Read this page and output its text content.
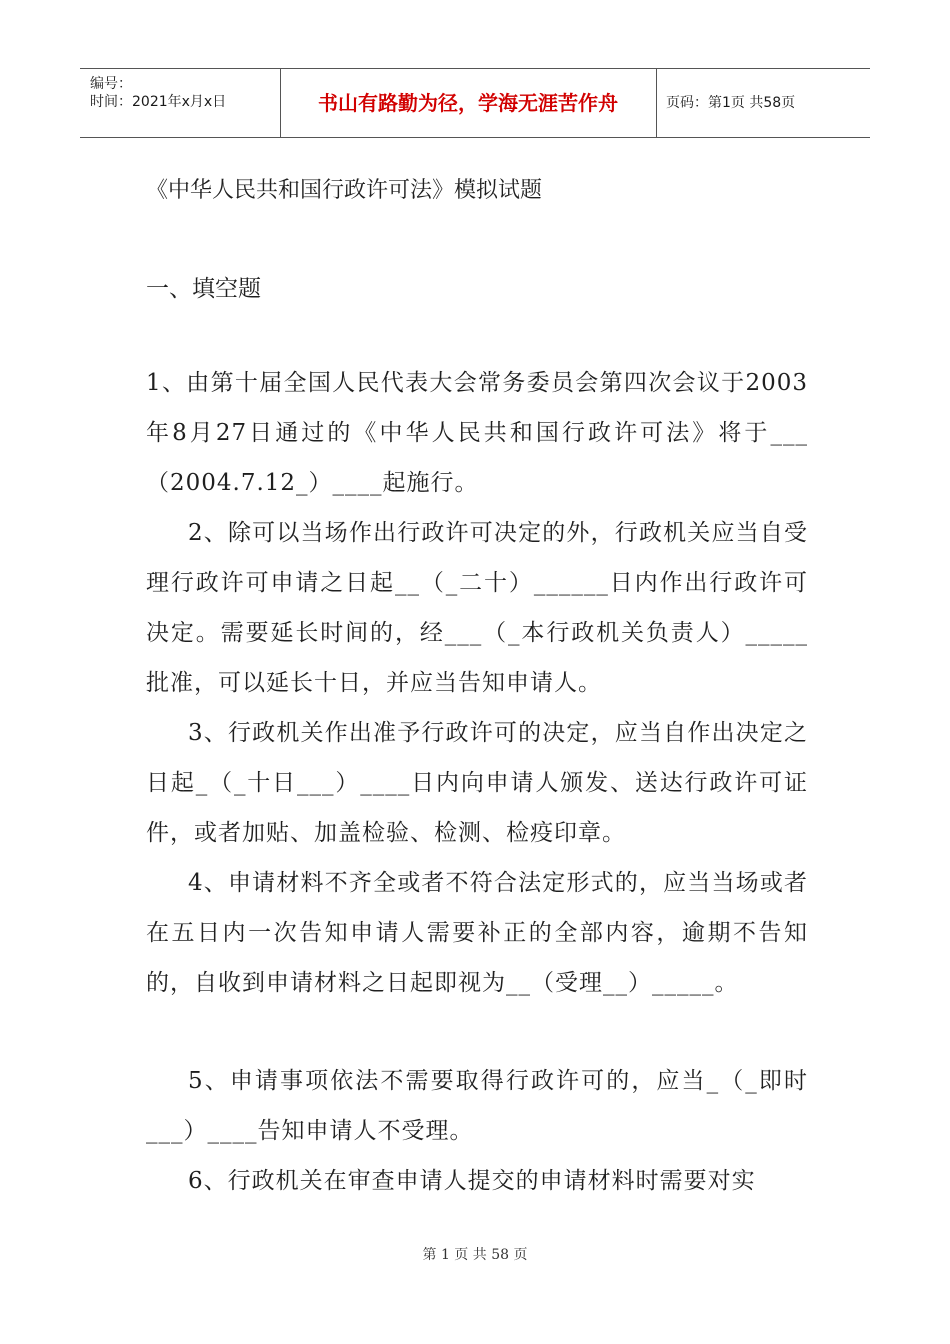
编号：
时间：2021年x月x日	书山有路勤为径，学海无涯苦作舟	页码：第1页 共58页
《中华人民共和国行政许可法》模拟试题
一、填空题

1、由第十届全国人民代表大会常务委员会第四次会议于2003年8月27日通过的《中华人民共和国行政许可法》将于___（2004.7.12_）____起施行。

2、除可以当场作出行政许可决定的外，行政机关应当自受理行政许可申请之日起__（_二十）______日内作出行政许可决定。需要延长时间的，经___（_本行政机关负责人）_____批准，可以延长十日，并应当告知申请人。

3、行政机关作出准予行政许可的决定，应当自作出决定之日起_（_十日___）____日内向申请人颁发、送达行政许可证件，或者加贴、加盖检验、检测、检疫印章。

4、申请材料不齐全或者不符合法定形式的，应当当场或者在五日内一次告知申请人需要补正的全部内容，逾期不告知的，自收到申请材料之日起即视为__（受理__）_____。

5、申请事项依法不需要取得行政许可的，应当_（_即时___）____告知申请人不受理。

6、行政机关在审查申请人提交的申请材料时需要对实

第 1 页 共 58 页
